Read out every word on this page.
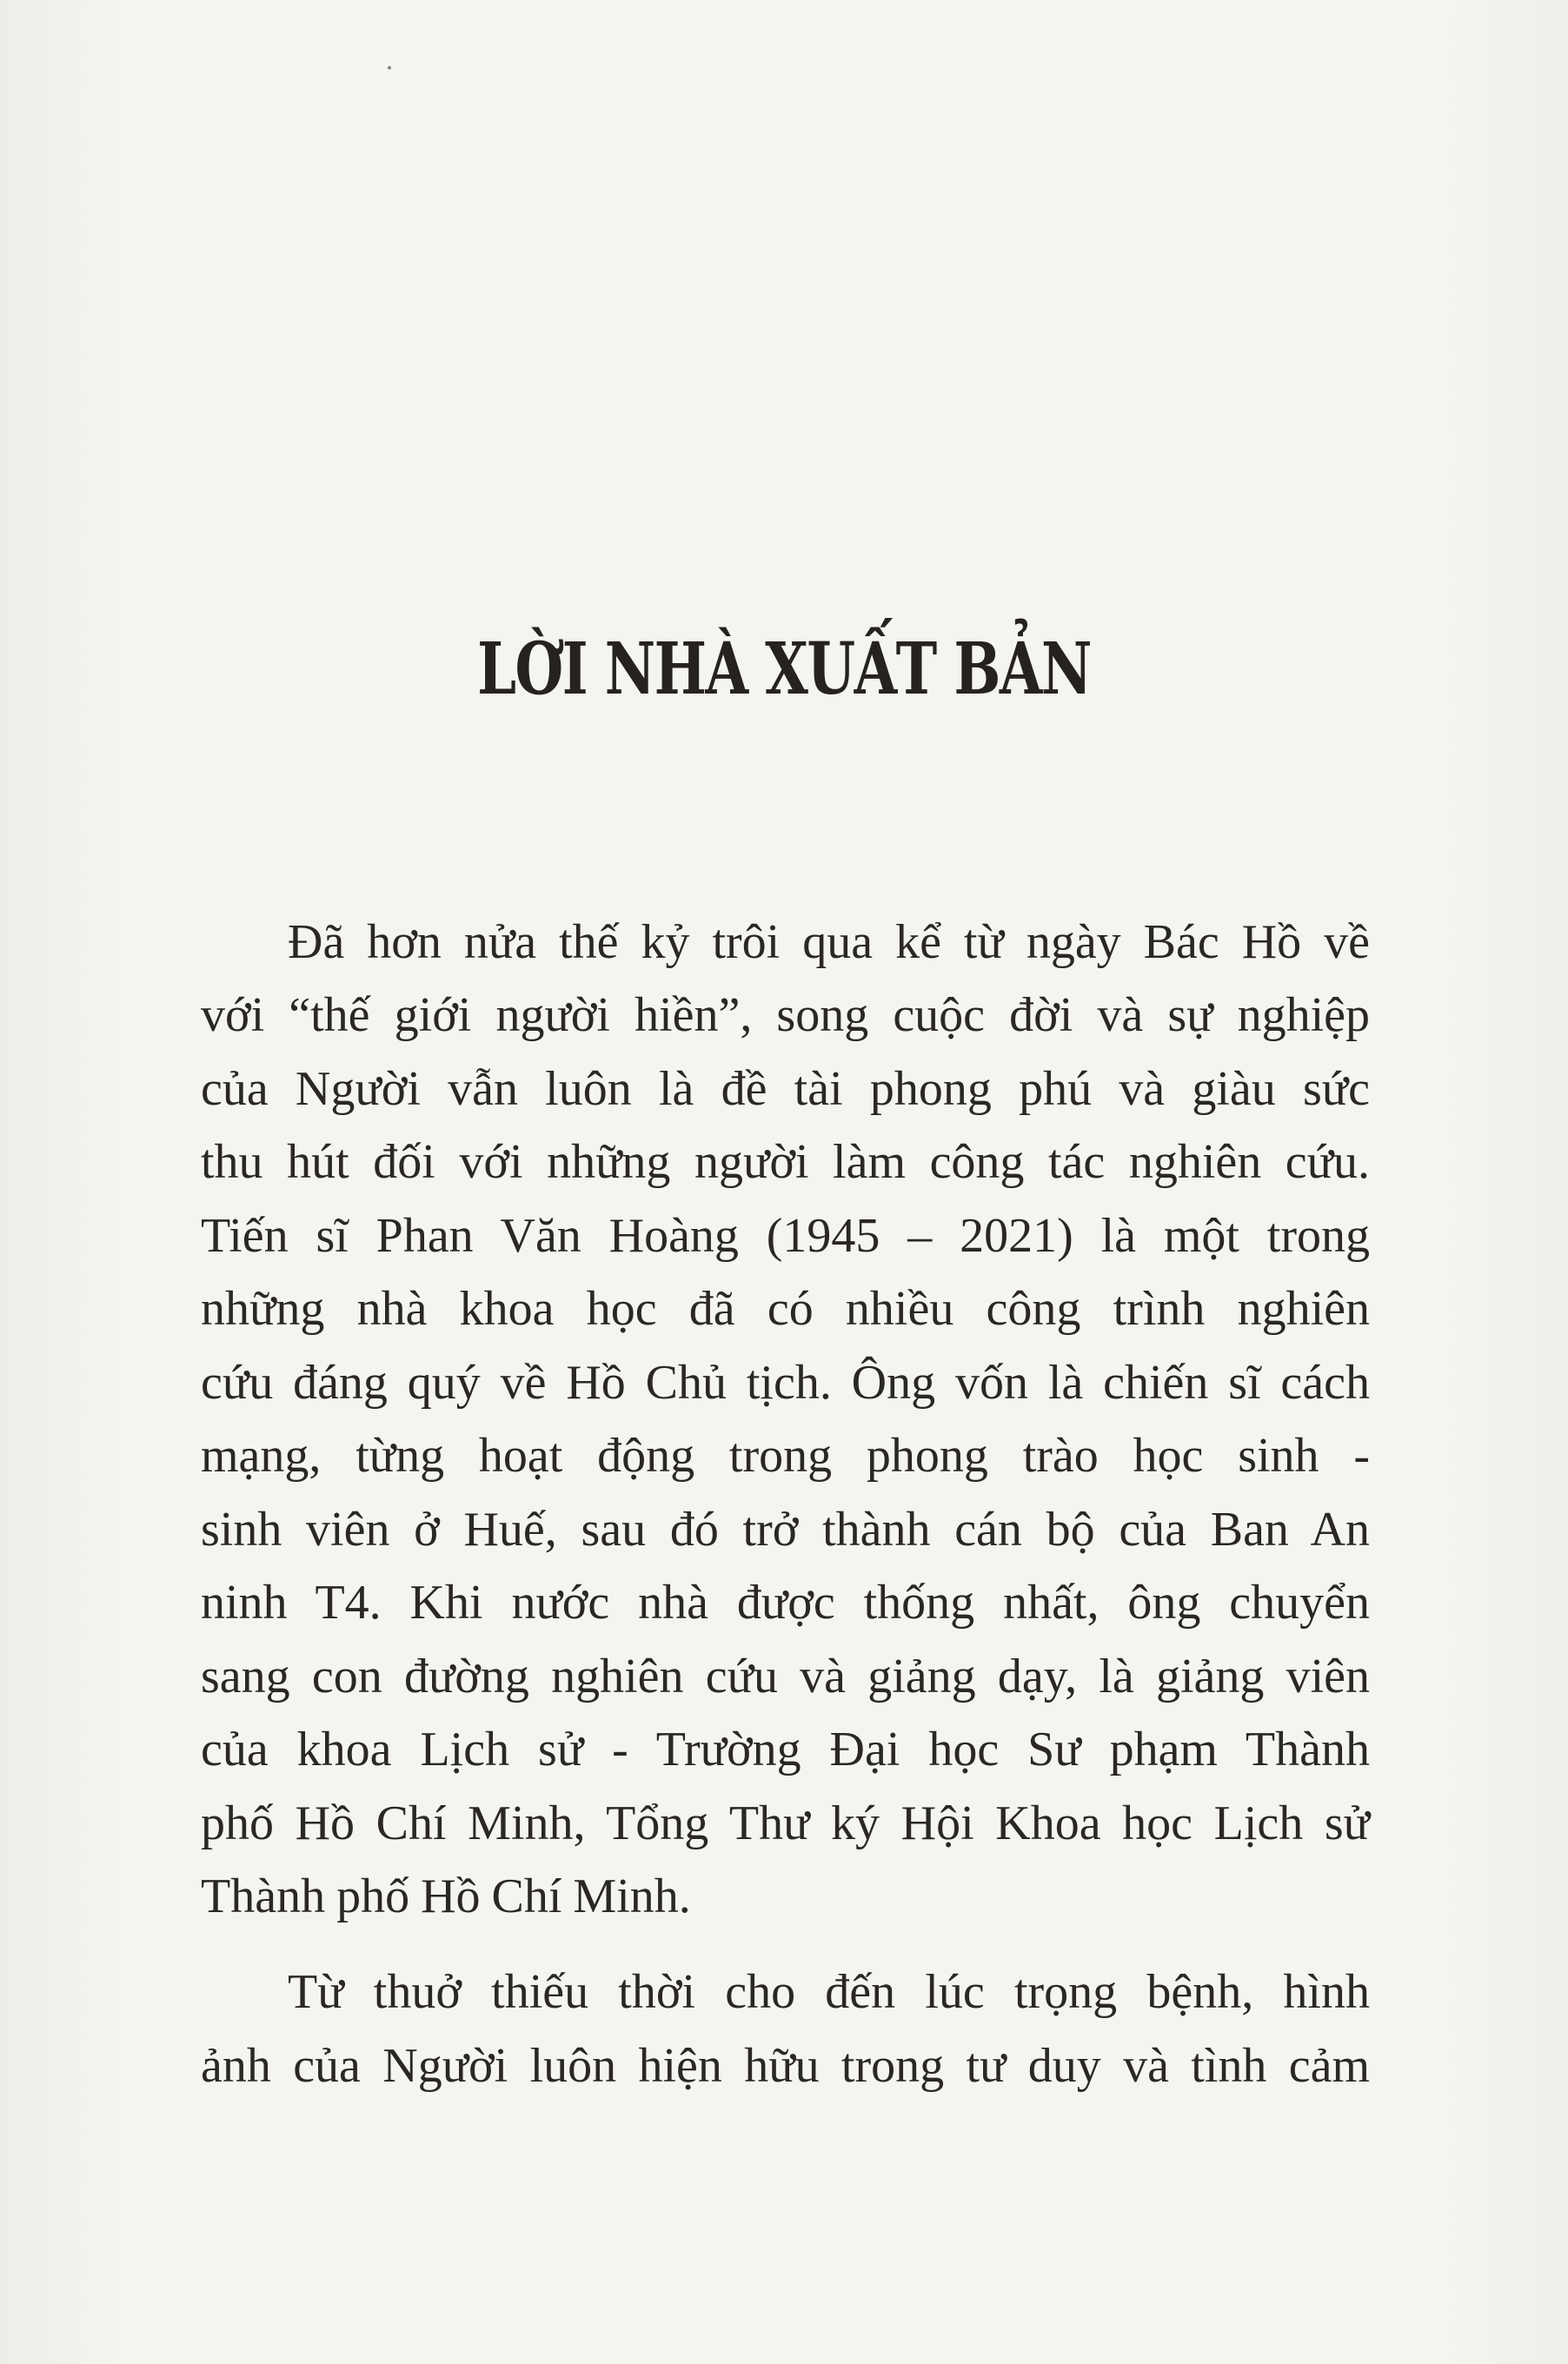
LỜI NHÀ XUẤT BẢN
Đã hơn nửa thế kỷ trôi qua kể từ ngày Bác Hồ về
với “thế giới người hiền”, song cuộc đời và sự nghiệp
của Người vẫn luôn là đề tài phong phú và giàu sức
thu hút đối với những người làm công tác nghiên cứu.
Tiến sĩ Phan Văn Hoàng (1945 – 2021) là một trong
những nhà khoa học đã có nhiều công trình nghiên
cứu đáng quý về Hồ Chủ tịch. Ông vốn là chiến sĩ cách
mạng, từng hoạt động trong phong trào học sinh -
sinh viên ở Huế, sau đó trở thành cán bộ của Ban An
ninh T4. Khi nước nhà được thống nhất, ông chuyển
sang con đường nghiên cứu và giảng dạy, là giảng viên
của khoa Lịch sử - Trường Đại học Sư phạm Thành
phố Hồ Chí Minh, Tổng Thư ký Hội Khoa học Lịch sử
Thành phố Hồ Chí Minh.
Từ thuở thiếu thời cho đến lúc trọng bệnh, hình
ảnh của Người luôn hiện hữu trong tư duy và tình cảm
